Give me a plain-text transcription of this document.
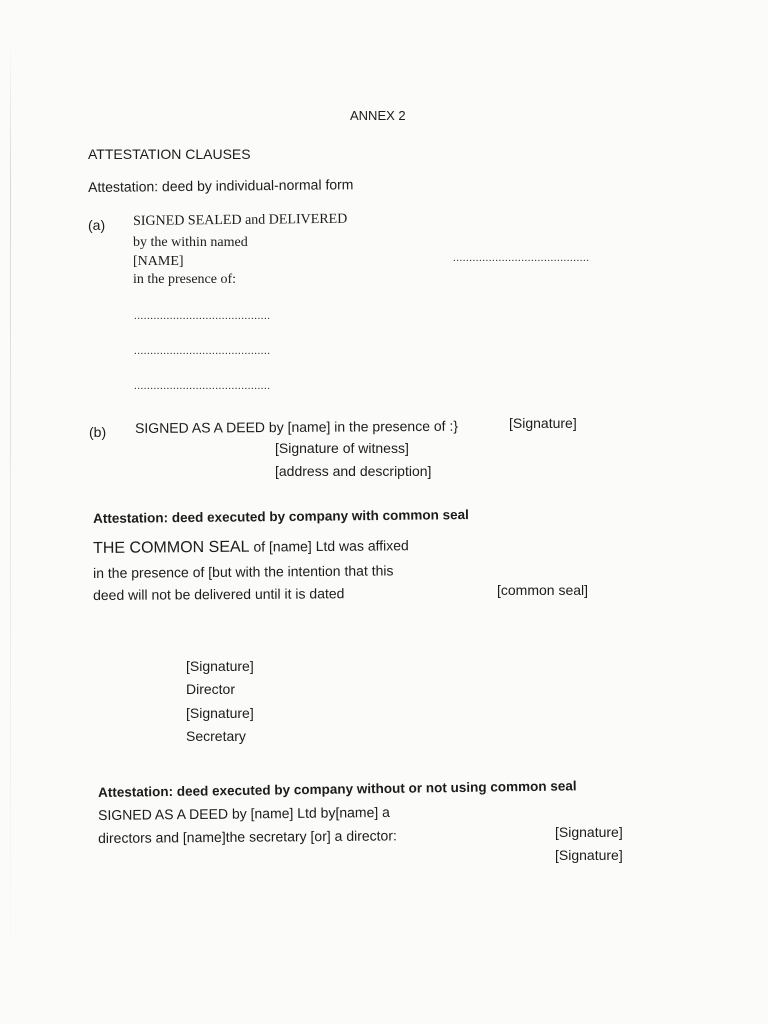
ANNEX 2
ATTESTATION CLAUSES
Attestation: deed by individual-normal form
(a) SIGNED SEALED and DELIVERED
by the within named
[NAME]
in the presence of:
..........................................
..........................................
..........................................
..........................................
(b) SIGNED AS A DEED by [name] in the presence of :}	[Signature]
[Signature of witness]
[address and description]
Attestation: deed executed by company with common seal
THE COMMON SEAL of [name] Ltd was affixed
in the presence of [but with the intention that this
deed will not be delivered until it is dated	[common seal]
[Signature]
Director
[Signature]
Secretary
Attestation: deed executed by company without or not using common seal
SIGNED AS A DEED by [name] Ltd by[name] a
directors and [name]the secretary [or] a director:	[Signature]
[Signature]
